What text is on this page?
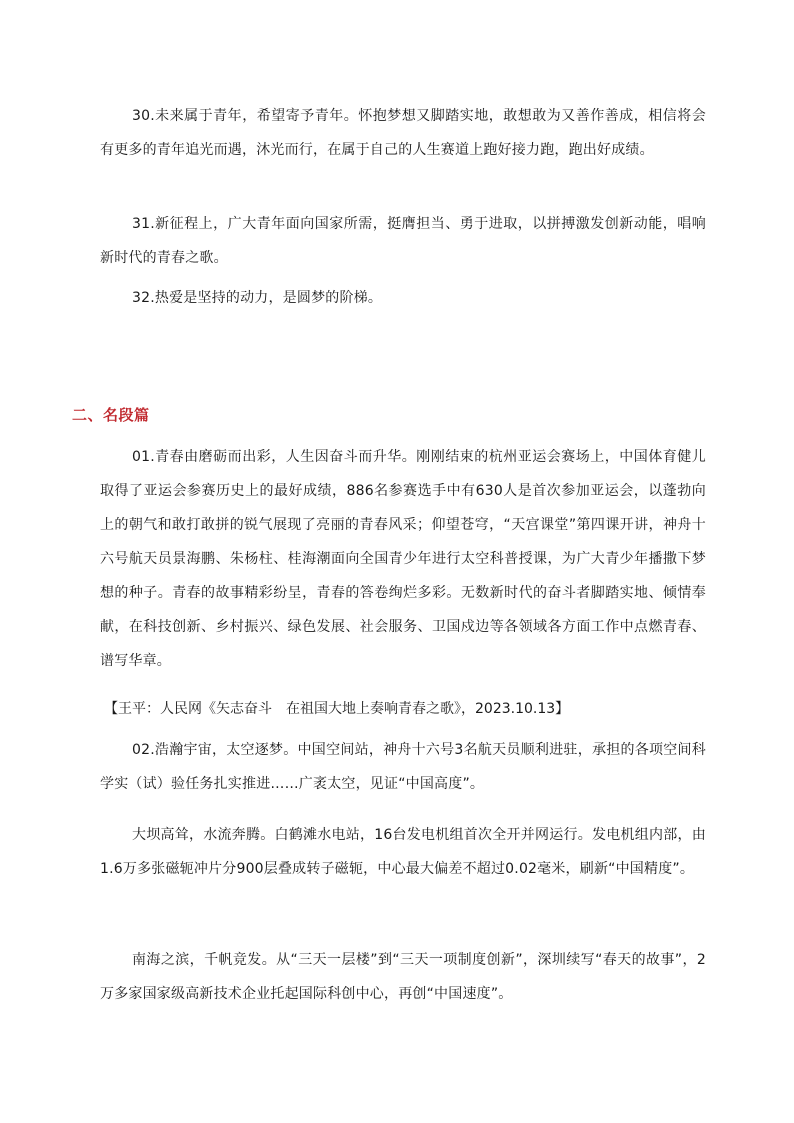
30.未来属于青年，希望寄予青年。怀抱梦想又脚踏实地，敢想敢为又善作善成，相信将会有更多的青年追光而遇，沐光而行，在属于自己的人生赛道上跑好接力跑，跑出好成绩。

31.新征程上，广大青年面向国家所需，挺膺担当、勇于进取，以拼搏激发创新动能，唱响新时代的青春之歌。

32.热爱是坚持的动力，是圆梦的阶梯。

二、名段篇

01.青春由磨砺而出彩，人生因奋斗而升华。刚刚结束的杭州亚运会赛场上，中国体育健儿取得了亚运会参赛历史上的最好成绩，886名参赛选手中有630人是首次参加亚运会，以蓬勃向上的朝气和敢打敢拼的锐气展现了亮丽的青春风采；仰望苍穹，“天宫课堂”第四课开讲，神舟十六号航天员景海鹏、朱杨柱、桂海潮面向全国青少年进行太空科普授课，为广大青少年播撒下梦想的种子。青春的故事精彩纷呈，青春的答卷绚烂多彩。无数新时代的奋斗者脚踏实地、倾情奉献，在科技创新、乡村振兴、绿色发展、社会服务、卫国戍边等各领域各方面工作中点燃青春、谱写华章。

【王平：人民网《矢志奋斗　在祖国大地上奏响青春之歌》，2023.10.13】

02.浩瀚宇宙，太空逐梦。中国空间站，神舟十六号3名航天员顺利进驻，承担的各项空间科学实（试）验任务扎实推进……广袤太空，见证“中国高度”。

大坝高耸，水流奔腾。白鹤滩水电站，16台发电机组首次全开并网运行。发电机组内部，由1.6万多张磁轭冲片分900层叠成转子磁轭，中心最大偏差不超过0.02毫米，刷新“中国精度”。

南海之滨，千帆竞发。从“三天一层楼”到“三天一项制度创新”，深圳续写“春天的故事”，2万多家国家级高新技术企业托起国际科创中心，再创“中国速度”。
